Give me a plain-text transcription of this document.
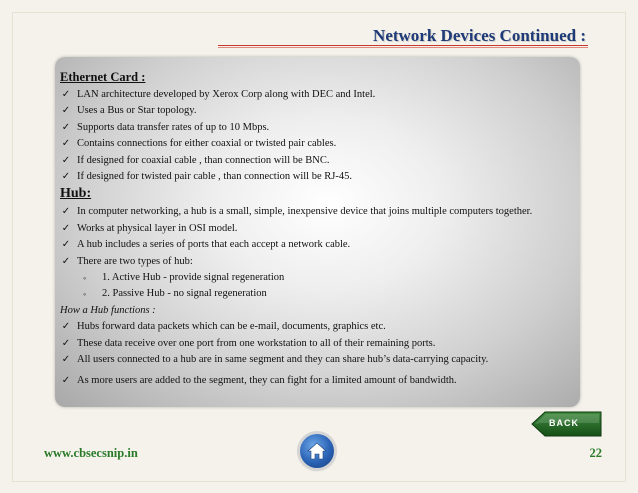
Network Devices Continued :
Ethernet Card :
✓ LAN architecture developed by Xerox Corp along with DEC and Intel.
✓ Uses a Bus or Star topology.
✓ Supports data transfer rates of up to 10 Mbps.
✓ Contains connections for either coaxial or twisted pair cables.
✓ If designed for coaxial cable , than connection will be BNC.
✓ If designed for twisted pair cable , than connection will be RJ-45.
Hub:
✓ In computer networking, a hub is a small, simple, inexpensive device that joins multiple computers together.
✓ Works at physical layer in OSI model.
✓ A hub includes a series of ports that each accept a network cable.
✓ There are two types of hub:
◦ 1. Active Hub - provide signal regeneration
◦ 2. Passive Hub - no signal regeneration
How a Hub functions :
✓ Hubs forward data packets which can be e-mail, documents, graphics etc.
✓ These data receive over one port from one workstation to all of their remaining ports.
✓ All users connected to a hub are in same segment and they can share hub’s data-carrying capacity.
✓ As more users are added to the segment, they can fight for a limited amount of bandwidth.
BACK
www.cbsecsnip.in	22
